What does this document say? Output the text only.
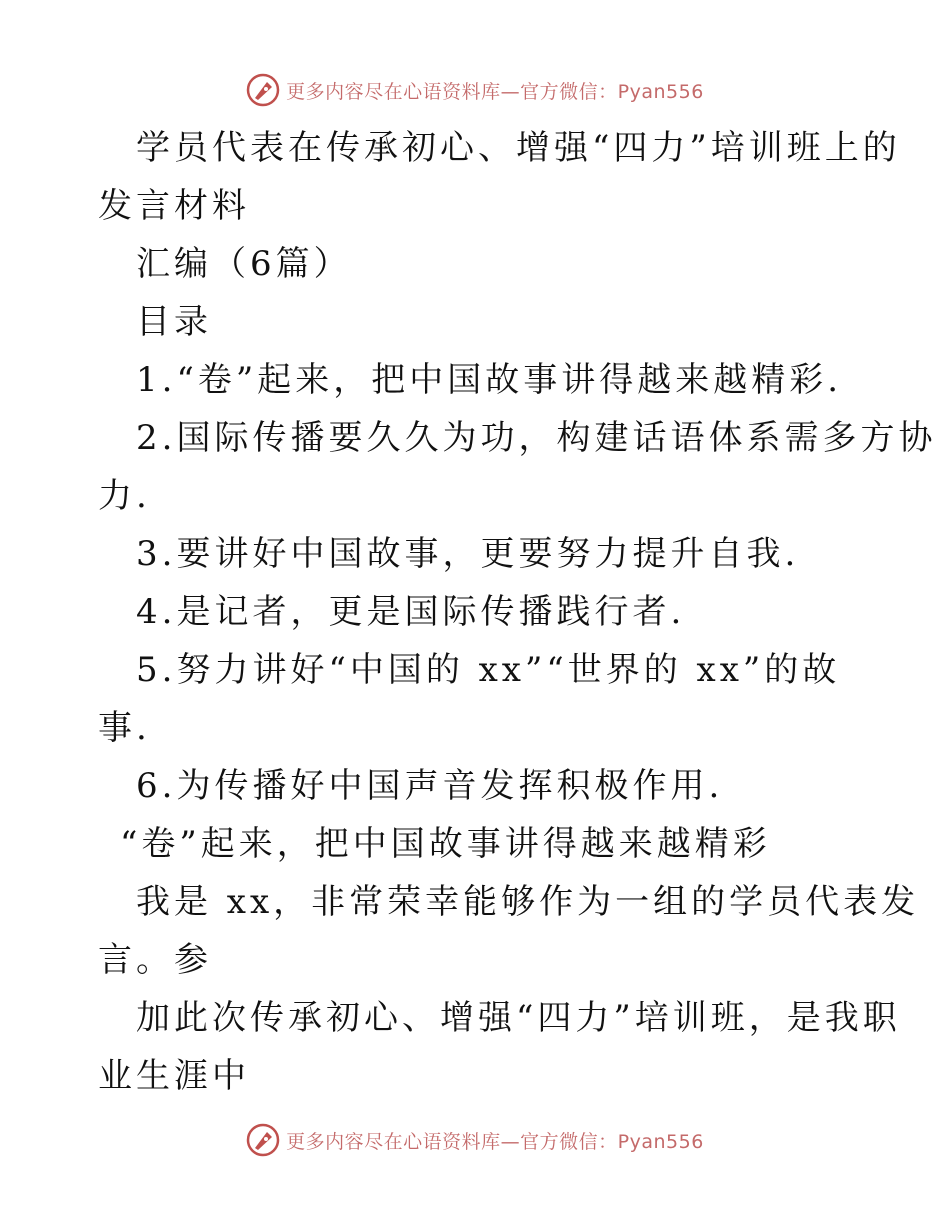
更多内容尽在心语资料库—官方微信：Pyan556
学员代表在传承初心、增强“四力”培训班上的
发言材料
汇编（6篇）
目录
1.“卷”起来，把中国故事讲得越来越精彩.
2.国际传播要久久为功，构建话语体系需多方协
力.
3.要讲好中国故事，更要努力提升自我.
4.是记者，更是国际传播践行者.
5.努力讲好“中国的 xx”“世界的 xx”的故
事.
6.为传播好中国声音发挥积极作用.
“卷”起来，把中国故事讲得越来越精彩
我是 xx，非常荣幸能够作为一组的学员代表发
言。参
加此次传承初心、增强“四力”培训班，是我职
业生涯中
更多内容尽在心语资料库—官方微信：Pyan556
